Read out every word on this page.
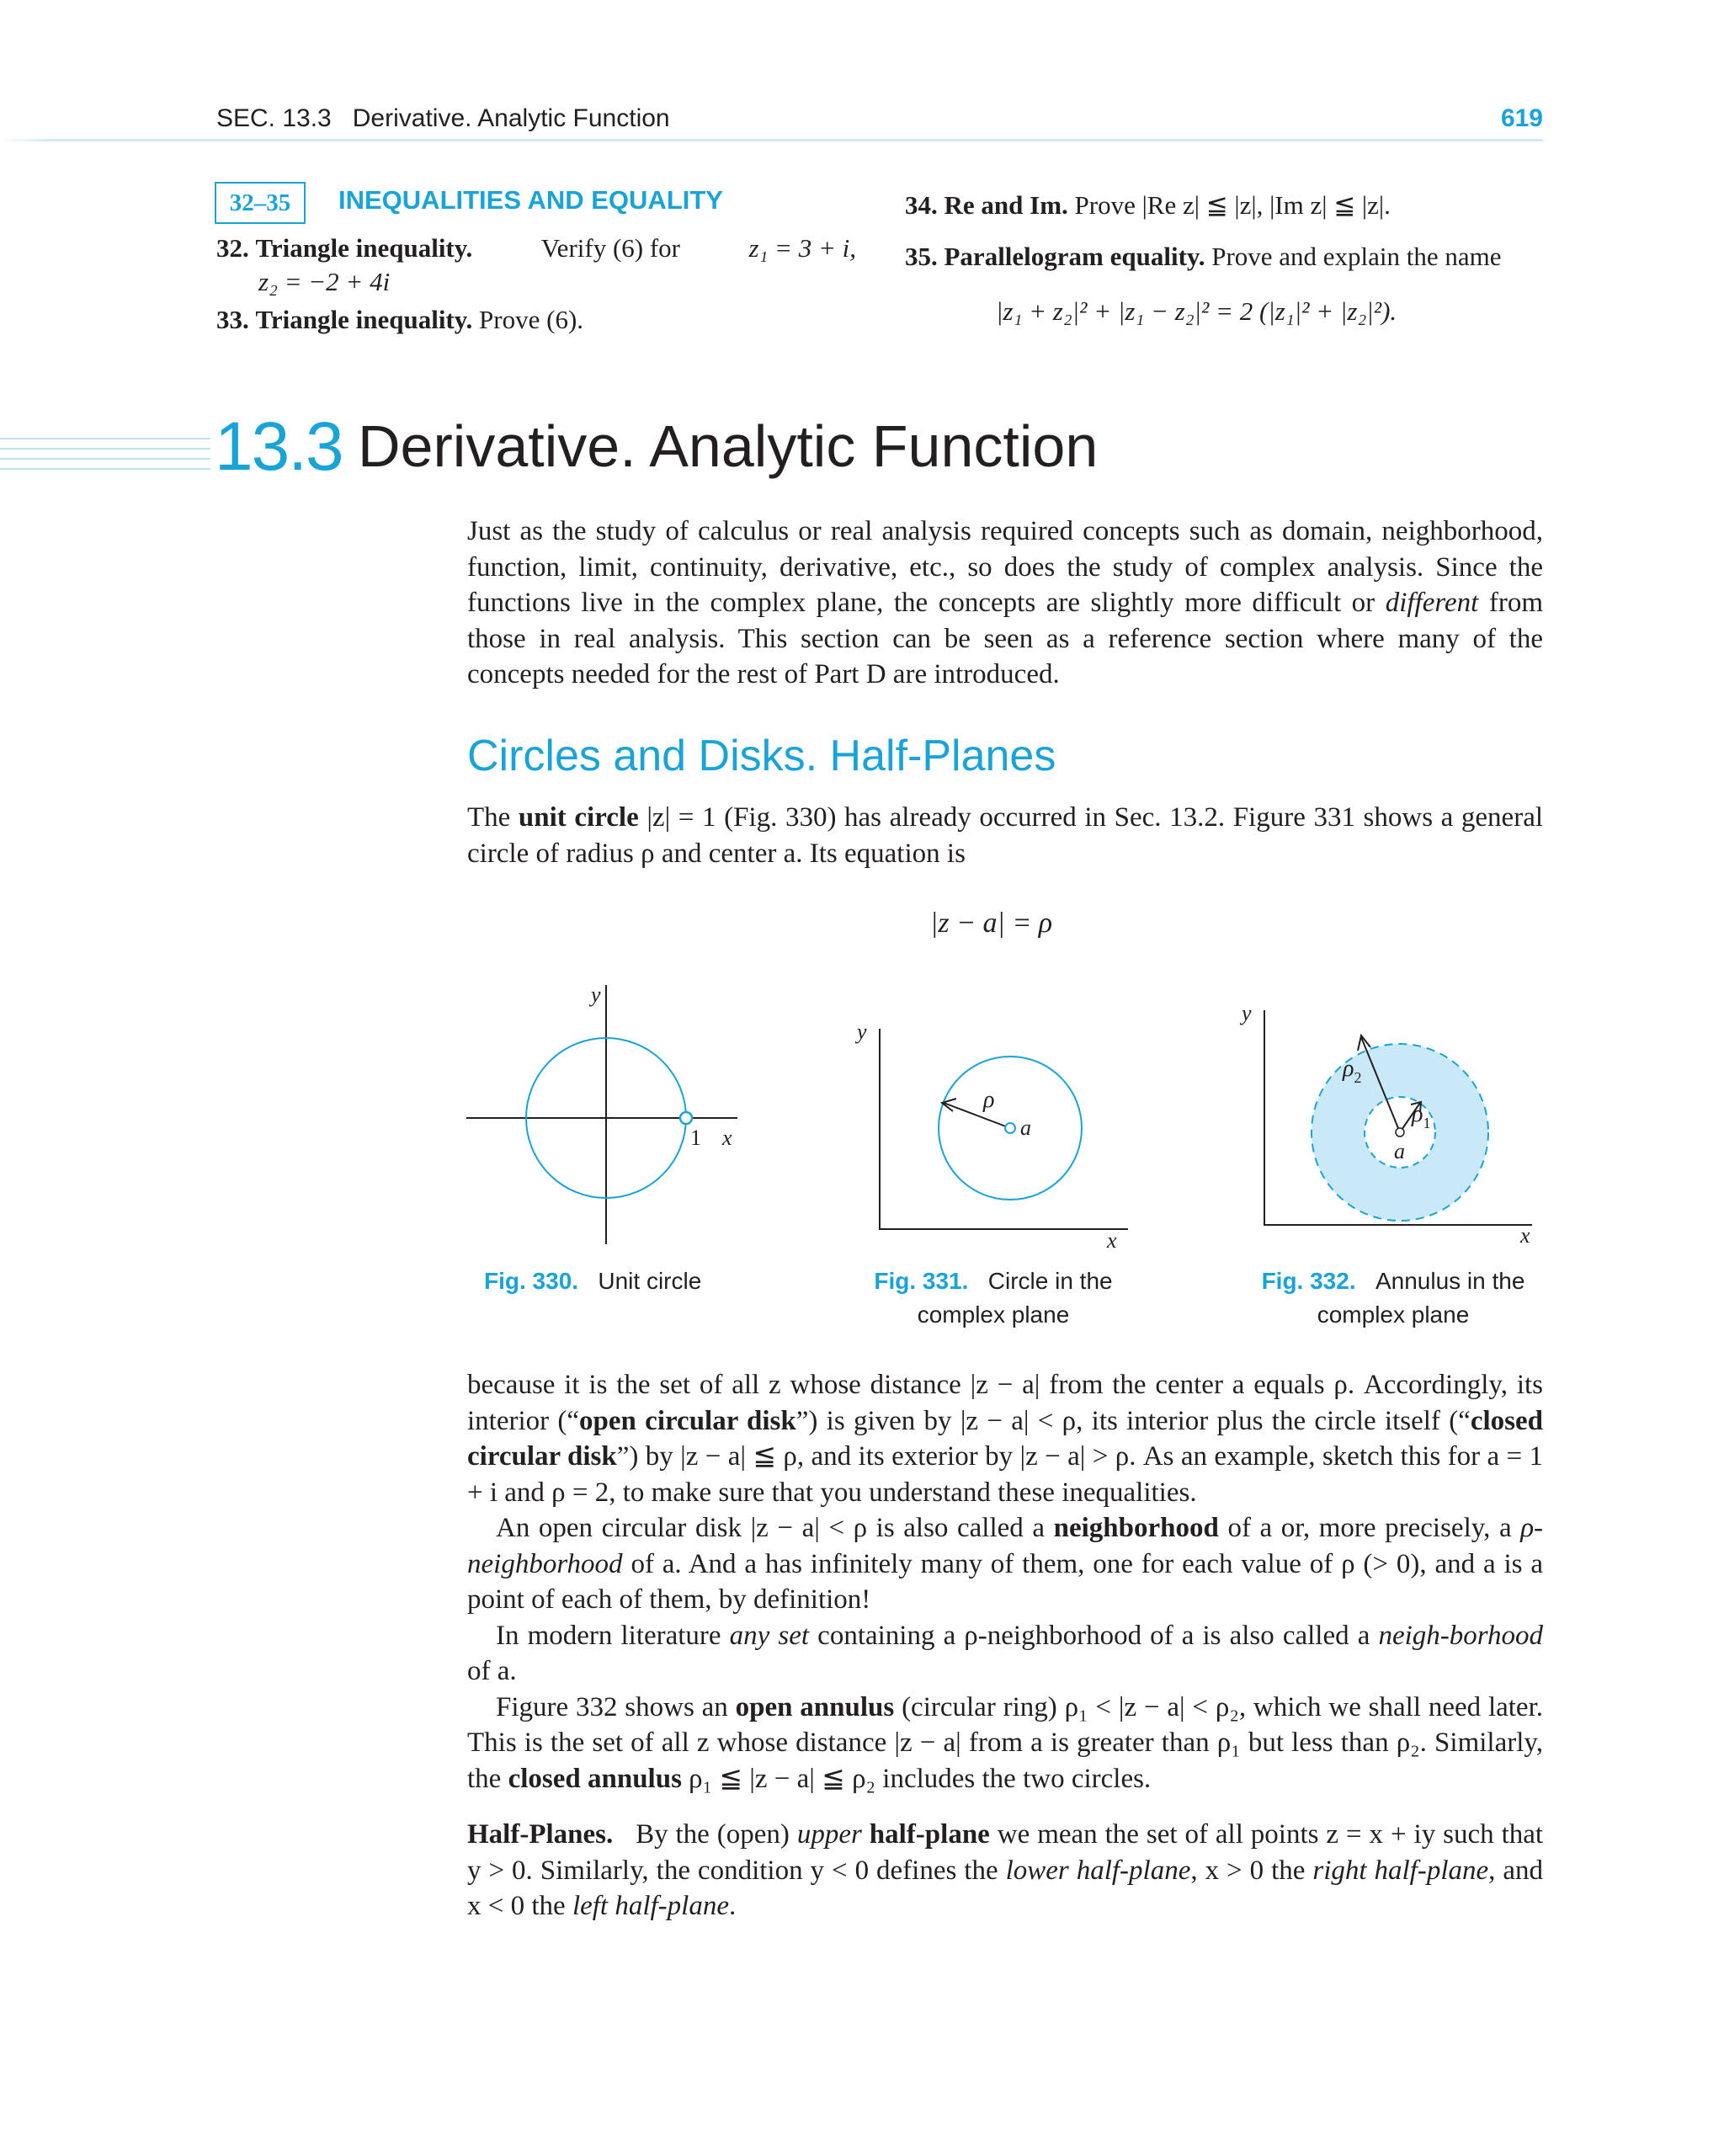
SEC. 13.3 Derivative. Analytic Function	619
32–35	INEQUALITIES AND EQUALITY
32. Triangle inequality.	Verify (6) for	z₁ = 3 + i,
z₂ = −2 + 4i
33. Triangle inequality. Prove (6).
34. Re and Im. Prove |Re z| ≦ |z|, |Im z| ≦ |z|.
35. Parallelogram equality. Prove and explain the name
|z₁ + z₂|² + |z₁ − z₂|² = 2 (|z₁|² + |z₂|²).
13.3 Derivative. Analytic Function

Just as the study of calculus or real analysis required concepts such as domain, neighborhood, function, limit, continuity, derivative, etc., so does the study of complex analysis. Since the functions live in the complex plane, the concepts are slightly more difficult or different from those in real analysis. This section can be seen as a reference section where many of the concepts needed for the rest of Part D are introduced.

Circles and Disks. Half-Planes

The unit circle |z| = 1 (Fig. 330) has already occurred in Sec. 13.2. Figure 331 shows a general circle of radius ρ and center a. Its equation is

|z − a| = ρ
y
1 x
y
x
ρ
a
y
x
$\rho_2$
$\rho_1$
a
Fig. 330. Unit circle	Fig. 331. Circle in the
complex plane
Fig. 332. Annulus in the
complex plane

because it is the set of all z whose distance |z − a| from the center a equals ρ. Accordingly, its interior (“open circular disk”) is given by |z − a| < ρ, its interior plus the circle itself (“closed circular disk”) by |z − a| ≦ ρ, and its exterior by |z − a| > ρ. As an example, sketch this for a = 1 + i and ρ = 2, to make sure that you understand these inequalities.

An open circular disk |z − a| < ρ is also called a neighborhood of a or, more precisely, a ρ-neighborhood of a. And a has infinitely many of them, one for each value of ρ (> 0), and a is a point of each of them, by definition!

In modern literature any set containing a ρ-neighborhood of a is also called a neigh-borhood of a.

Figure 332 shows an open annulus (circular ring) ρ₁ < |z − a| < ρ₂, which we shall need later. This is the set of all z whose distance |z − a| from a is greater than ρ₁ but less than ρ₂. Similarly, the closed annulus ρ₁ ≦ |z − a| ≦ ρ₂ includes the two circles.

Half-Planes. By the (open) upper half-plane we mean the set of all points z = x + iy such that y > 0. Similarly, the condition y < 0 defines the lower half-plane, x > 0 the right half-plane, and x < 0 the left half-plane.
